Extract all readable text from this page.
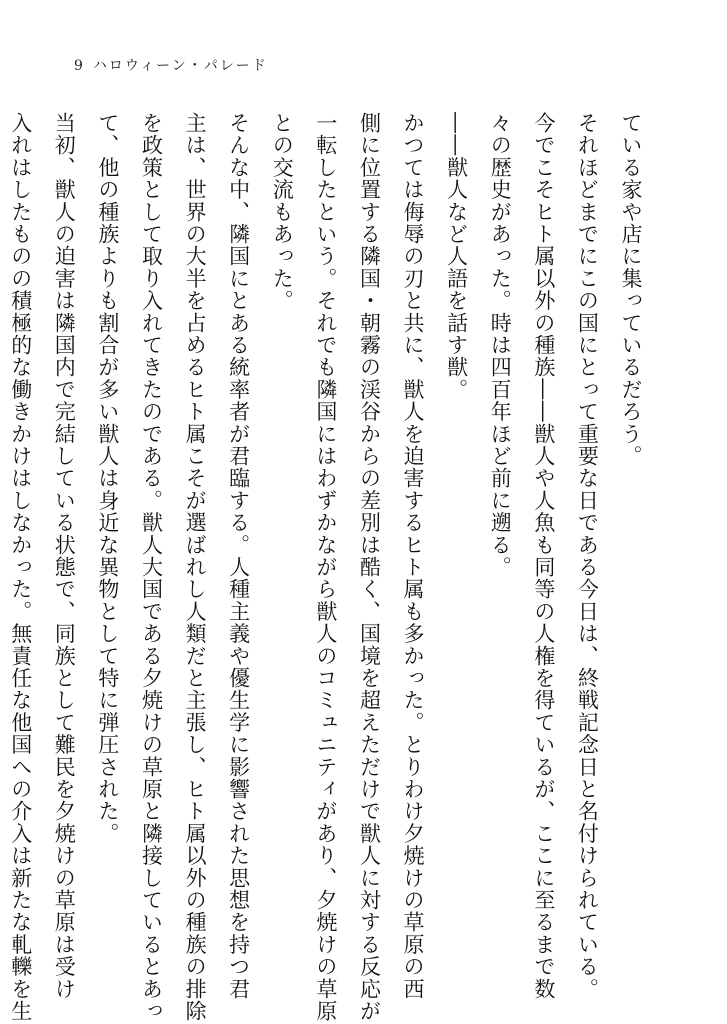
9 ハロウィーン・パレード
ている家や店に集っているだろう。
それほどまでにこの国にとって重要な日である今日は、終戦記念日と名付けられている。
今でこそヒト属以外の種族――獣人や人魚も同等の人権を得ているが、ここに至るまで数
々の歴史があった。時は四百年ほど前に遡る。
――獣人など人語を話す獣。
かつては侮辱の刃と共に、獣人を迫害するヒト属も多かった。とりわけ夕焼けの草原の西
側に位置する隣国・朝霧の渓谷からの差別は酷く、国境を超えただけで獣人に対する反応が
一転したという。それでも隣国にはわずかながら獣人のコミュニティがあり、夕焼けの草原
との交流もあった。
そんな中、隣国にとある統率者が君臨する。人種主義や優生学に影響された思想を持つ君
主は、世界の大半を占めるヒト属こそが選ばれし人類だと主張し、ヒト属以外の種族の排除
を政策として取り入れてきたのである。獣人大国である夕焼けの草原と隣接しているとあっ
て、他の種族よりも割合が多い獣人は身近な異物として特に弾圧された。
当初、獣人の迫害は隣国内で完結している状態で、同族として難民を夕焼けの草原は受け
入れはしたものの積極的な働きかけはしなかった。無責任な他国への介入は新たな軋轢を生
